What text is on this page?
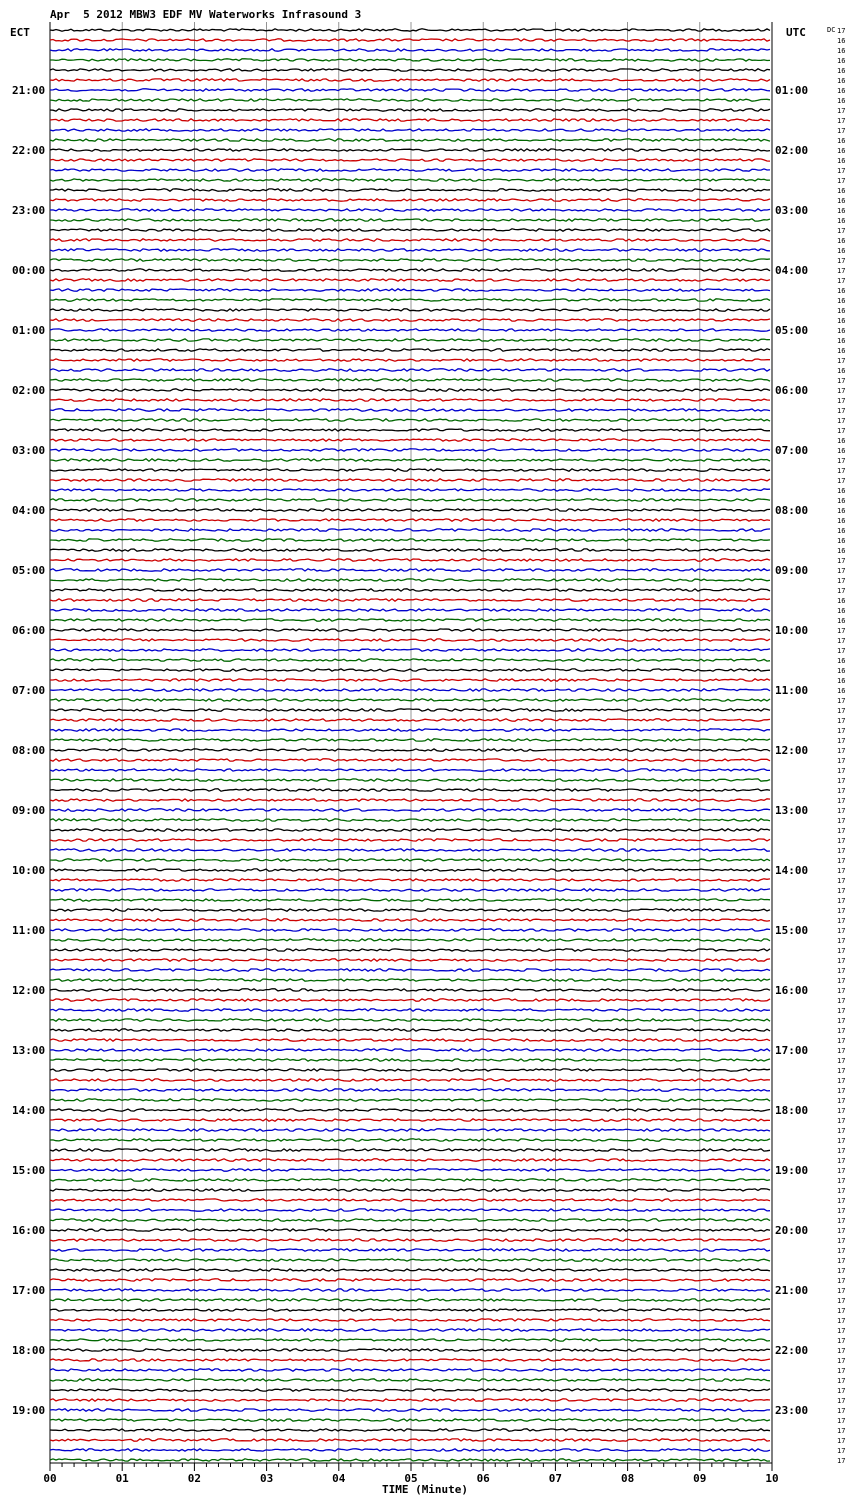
Apr  5 2012 MBW3 EDF MV Waterworks Infrasound 3
ECT	UTC	DC
TIME (Minute)
21:00
22:00
23:00
00:00
01:00
02:00
03:00
04:00
05:00
06:00
07:00
08:00
09:00
10:00
11:00
12:00
13:00
14:00
15:00
16:00
17:00
18:00
19:00
01:00
02:00
03:00
04:00
05:00
06:00
07:00
08:00
09:00
10:00
11:00
12:00
13:00
14:00
15:00
16:00
17:00
18:00
19:00
20:00
21:00
22:00
23:00
17
16
16
16
16
16
16
16
17
17
17
16
16
16
17
17
16
16
16
16
17
16
16
17
17
17
16
16
16
16
16
16
16
17
16
17
17
17
17
17
17
16
16
17
17
17
16
16
16
16
16
16
16
17
17
17
17
16
16
16
17
17
17
16
16
16
16
17
17
17
17
17
17
17
17
17
17
17
17
17
17
17
17
17
17
17
17
17
17
17
17
17
17
17
17
17
17
17
17
17
17
17
17
17
17
17
17
17
17
17
17
17
17
17
17
17
17
17
17
17
17
17
17
17
17
17
17
17
17
17
17
17
17
17
17
17
17
17
17
17
17
17
17
17
00	01	02	03	04	05	06	07	08	09	10
